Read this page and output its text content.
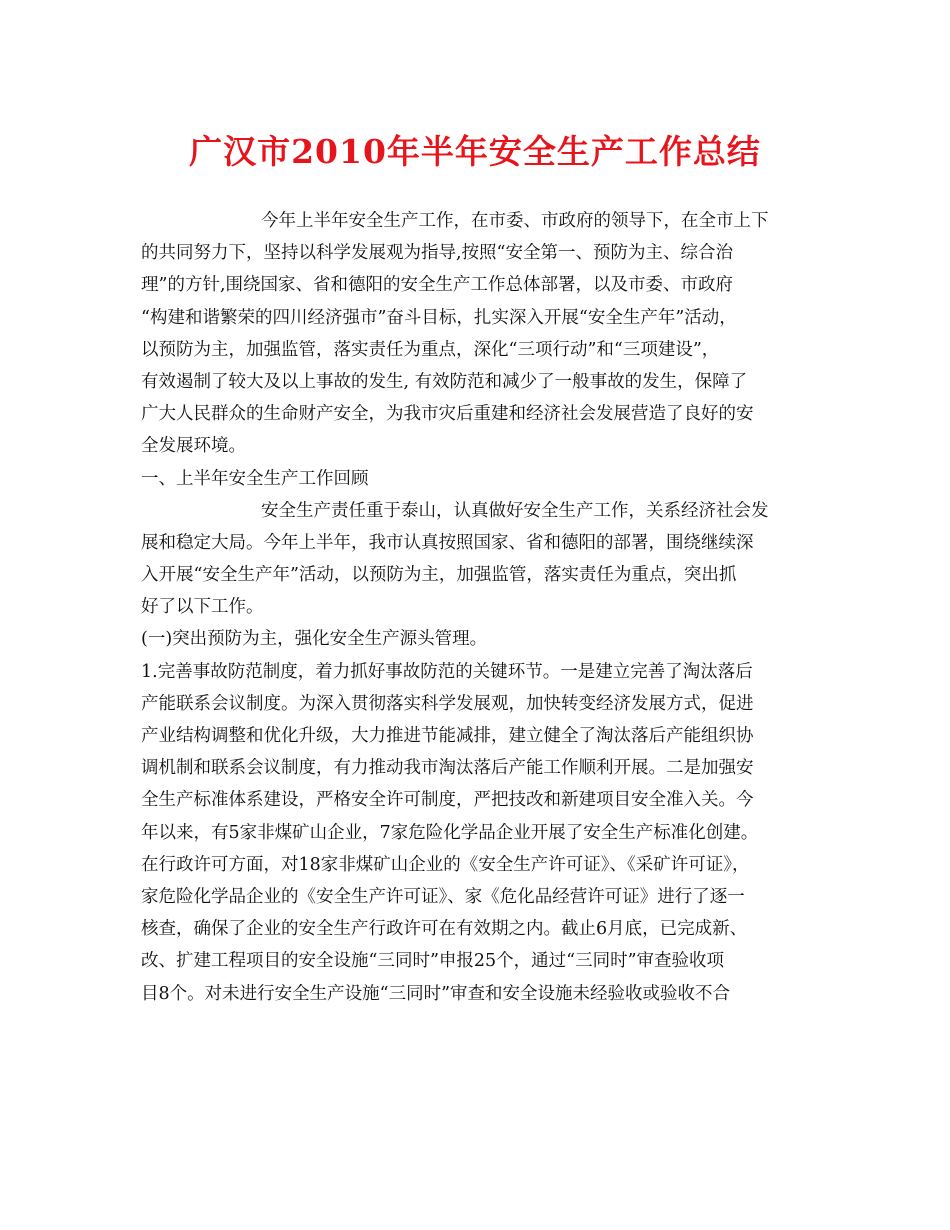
广汉市2010年半年安全生产工作总结
今年上半年安全生产工作，在市委、市政府的领导下，在全市上下
的共同努力下，坚持以科学发展观为指导,按照“安全第一、预防为主、综合治
理”的方针,围绕国家、省和德阳的安全生产工作总体部署，以及市委、市政府
“构建和谐繁荣的四川经济强市”奋斗目标，扎实深入开展“安全生产年”活动，
以预防为主，加强监管，落实责任为重点，深化“三项行动”和“三项建设”，
有效遏制了较大及以上事故的发生, 有效防范和减少了一般事故的发生，保障了
广大人民群众的生命财产安全，为我市灾后重建和经济社会发展营造了良好的安
全发展环境。
一、上半年安全生产工作回顾
安全生产责任重于泰山，认真做好安全生产工作，关系经济社会发
展和稳定大局。今年上半年，我市认真按照国家、省和德阳的部署，围绕继续深
入开展“安全生产年”活动，以预防为主，加强监管，落实责任为重点，突出抓
好了以下工作。
(一)突出预防为主，强化安全生产源头管理。
1.完善事故防范制度，着力抓好事故防范的关键环节。一是建立完善了淘汰落后
产能联系会议制度。为深入贯彻落实科学发展观，加快转变经济发展方式，促进
产业结构调整和优化升级，大力推进节能减排，建立健全了淘汰落后产能组织协
调机制和联系会议制度，有力推动我市淘汰落后产能工作顺利开展。二是加强安
全生产标准体系建设，严格安全许可制度，严把技改和新建项目安全准入关。今
年以来，有5家非煤矿山企业，7家危险化学品企业开展了安全生产标准化创建。
在行政许可方面，对18家非煤矿山企业的《安全生产许可证》、《采矿许可证》，
家危险化学品企业的《安全生产许可证》、家《危化品经营许可证》进行了逐一
核查，确保了企业的安全生产行政许可在有效期之内。截止6月底，已完成新、
改、扩建工程项目的安全设施“三同时”申报25个，通过“三同时”审查验收项
目8个。对未进行安全生产设施“三同时”审查和安全设施未经验收或验收不合
